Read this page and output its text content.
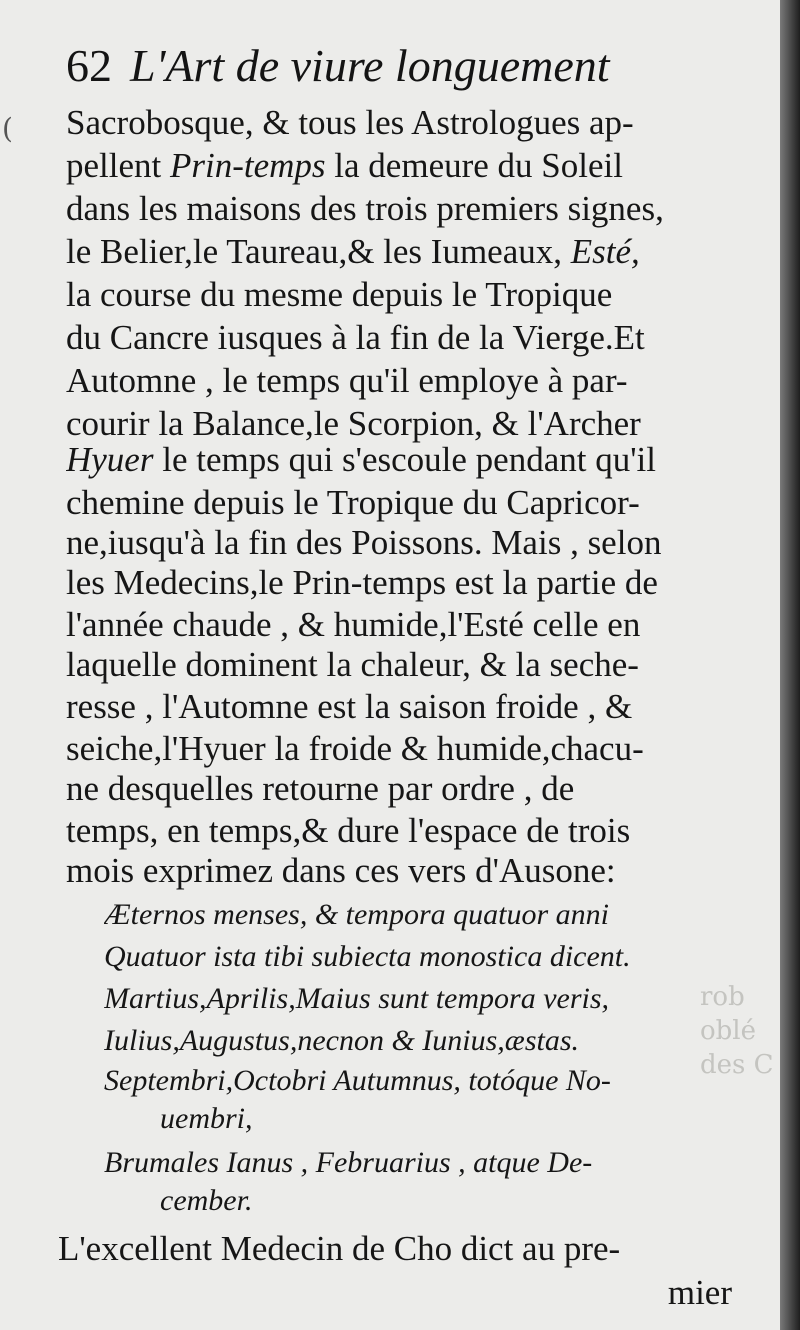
(
rob
oblé
des C
62 L'Art de viure longuement
Sacrobosque, & tous les Astrologues ap-
pellent Prin-temps la demeure du Soleil
dans les maisons des trois premiers signes,
le Belier,le Taureau,& les Iumeaux, Esté,
la course du mesme depuis le Tropique
du Cancre iusques à la fin de la Vierge.Et
Automne , le temps qu'il employe à par-
courir la Balance,le Scorpion, & l'Archer
Hyuer le temps qui s'escoule pendant qu'il
chemine depuis le Tropique du Capricor-
ne,iusqu'à la fin des Poissons. Mais , selon
les Medecins,le Prin-temps est la partie de
l'année chaude , & humide,l'Esté celle en
laquelle dominent la chaleur, & la seche-
resse , l'Automne est la saison froide , &
seiche,l'Hyuer la froide & humide,chacu-
ne desquelles retourne par ordre , de
temps, en temps,& dure l'espace de trois
mois exprimez dans ces vers d'Ausone:
Æternos menses, & tempora quatuor anni
Quatuor ista tibi subiecta monostica dicent.
Martius,Aprilis,Maius sunt tempora veris,
Iulius,Augustus,necnon & Iunius,æstas.
Septembri,Octobri Autumnus, totóque No-
uembri,
Brumales Ianus , Februarius , atque De-
cember.
L'excellent Medecin de Cho dict au pre-
mier
